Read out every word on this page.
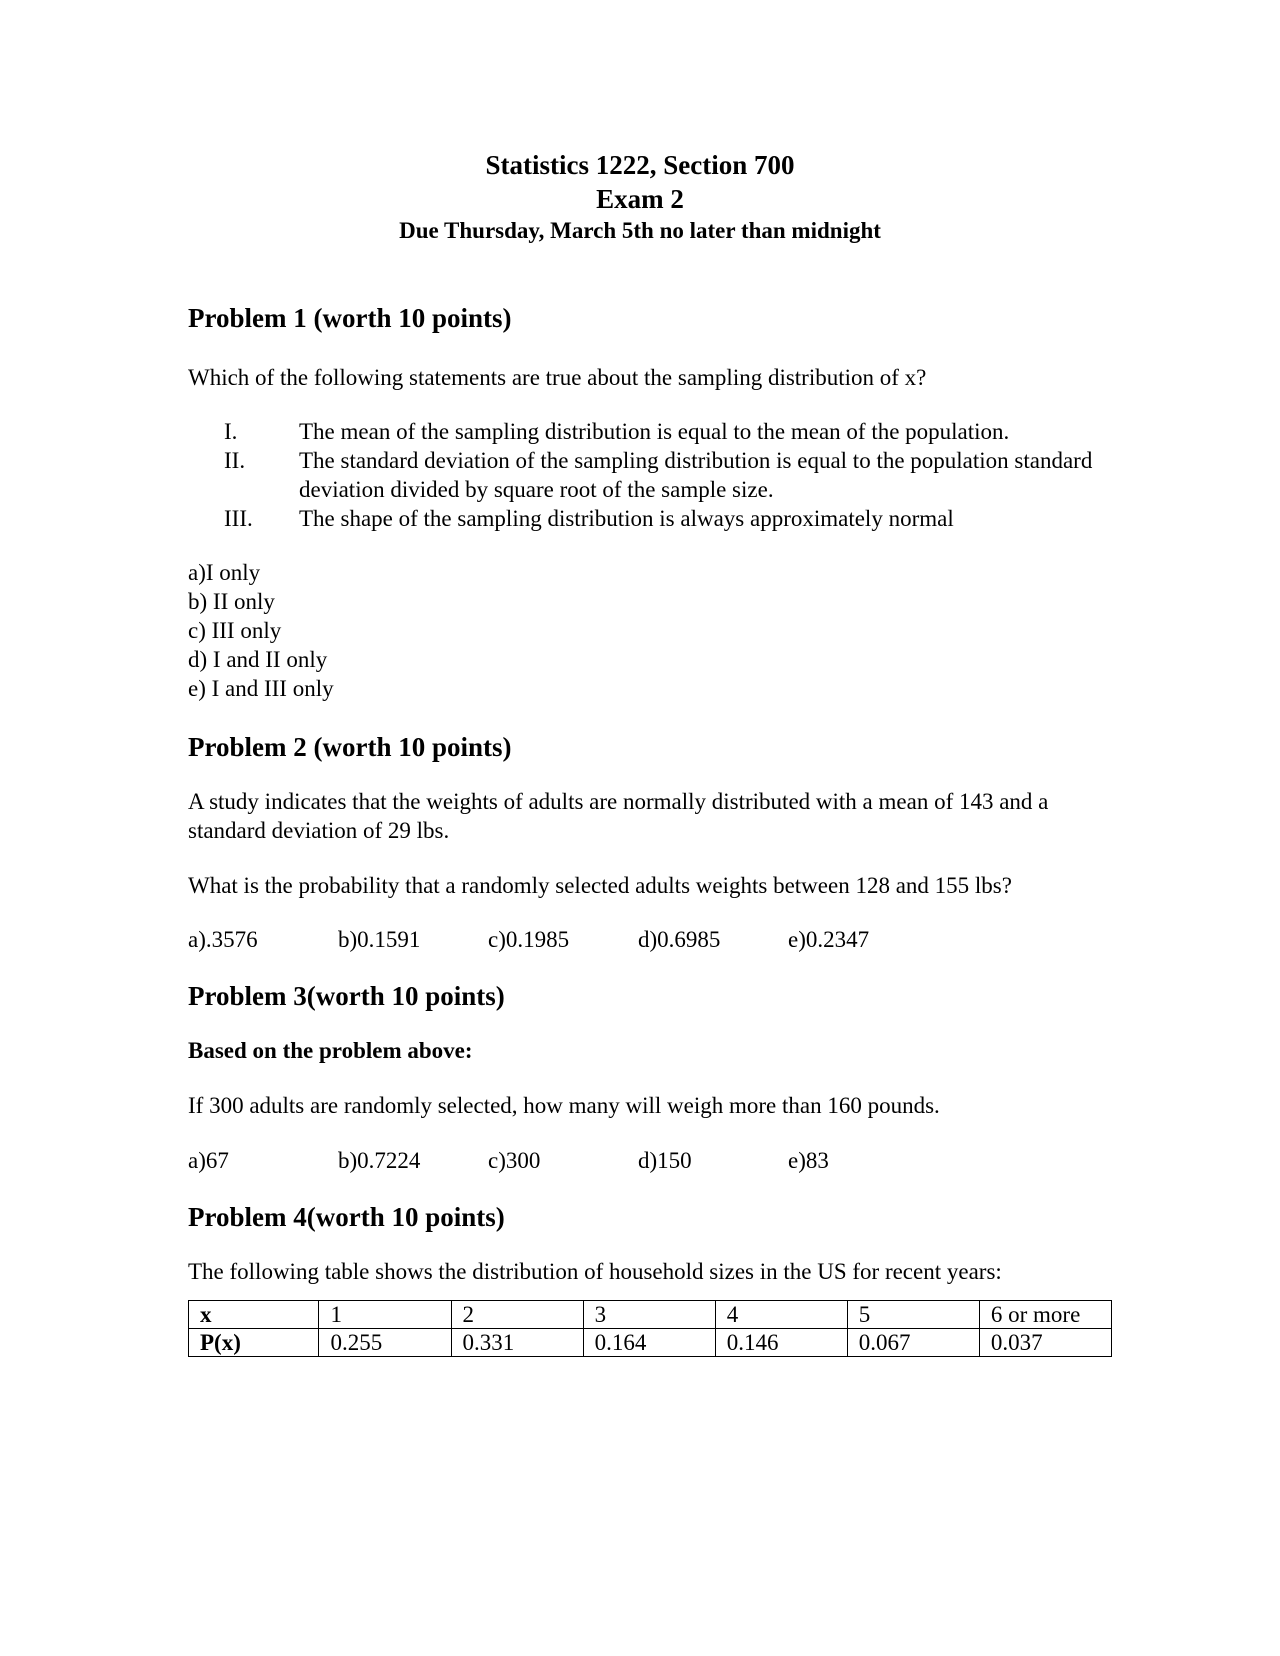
Statistics 1222, Section 700
Exam 2
Due Thursday, March 5th no later than midnight
Problem 1 (worth 10 points)
Which of the following statements are true about the sampling distribution of x?
I.	The mean of the sampling distribution is equal to the mean of the population.
II.	The standard deviation of the sampling distribution is equal to the population standard deviation divided by square root of the sample size.
III.	The shape of the sampling distribution is always approximately normal
a)I only
b) II only
c) III only
d) I and II only
e) I and III only
Problem 2 (worth 10 points)
A study indicates that the weights of adults are normally distributed with a mean of 143 and a standard deviation of 29 lbs.
What is the probability that a randomly selected adults weights between 128 and 155 lbs?
a).3576	b)0.1591	c)0.1985	d)0.6985	e)0.2347
Problem 3(worth 10 points)
Based on the problem above:
If 300 adults are randomly selected, how many will weigh more than 160 pounds.
a)67	b)0.7224	c)300	d)150	e)83
Problem 4(worth 10 points)
The following table shows the distribution of household sizes in the US for recent years:
x	1	2	3	4	5	6 or more
P(x)	0.255	0.331	0.164	0.146	0.067	0.037
